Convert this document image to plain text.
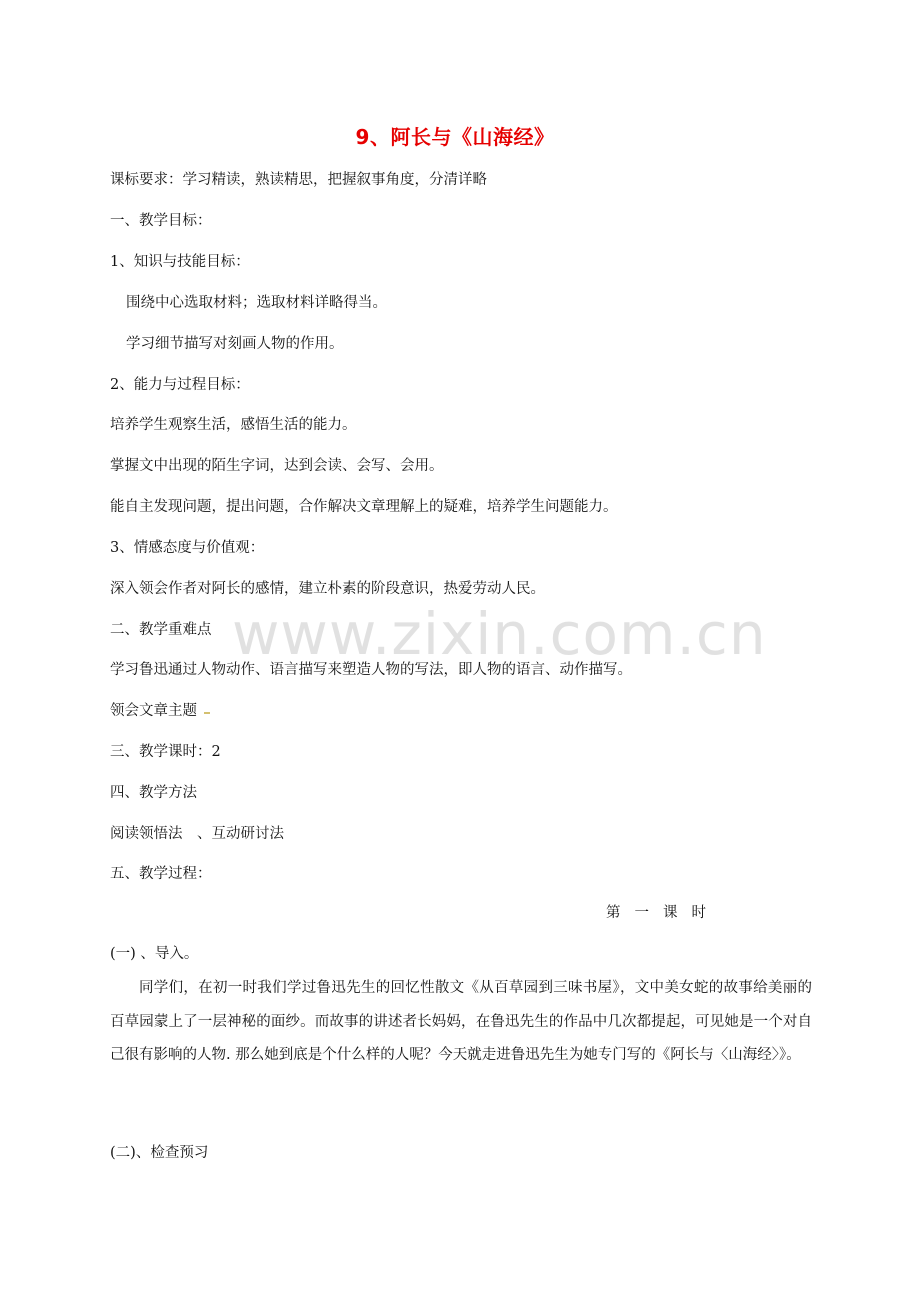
9、阿长与《山海经》
课标要求：学习精读，熟读精思，把握叙事角度，分清详略
一、教学目标：
1、知识与技能目标：
围绕中心选取材料；选取材料详略得当。
学习细节描写对刻画人物的作用。
2、能力与过程目标：
培养学生观察生活，感悟生活的能力。
掌握文中出现的陌生字词，达到会读、会写、会用。
能自主发现问题，提出问题，合作解决文章理解上的疑难，培养学生问题能力。
3、情感态度与价值观：
深入领会作者对阿长的感情，建立朴素的阶段意识，热爱劳动人民。
二、教学重难点
学习鲁迅通过人物动作、语言描写来塑造人物的写法，即人物的语言、动作描写。
领会文章主题
三、教学课时：2
四、教学方法
阅读领悟法　、互动研讨法
五、教学过程：
第一课时
(一) 、导入。
同学们，在初一时我们学过鲁迅先生的回忆性散文《从百草园到三味书屋》，文中美女蛇的故事给美丽的百草园蒙上了一层神秘的面纱。而故事的讲述者长妈妈，在鲁迅先生的作品中几次都提起，可见她是一个对自己很有影响的人物. 那么她到底是个什么样的人呢？今天就走进鲁迅先生为她专门写的《阿长与〈山海经〉》。
(二)、检查预习
www.zixin.com.cn
